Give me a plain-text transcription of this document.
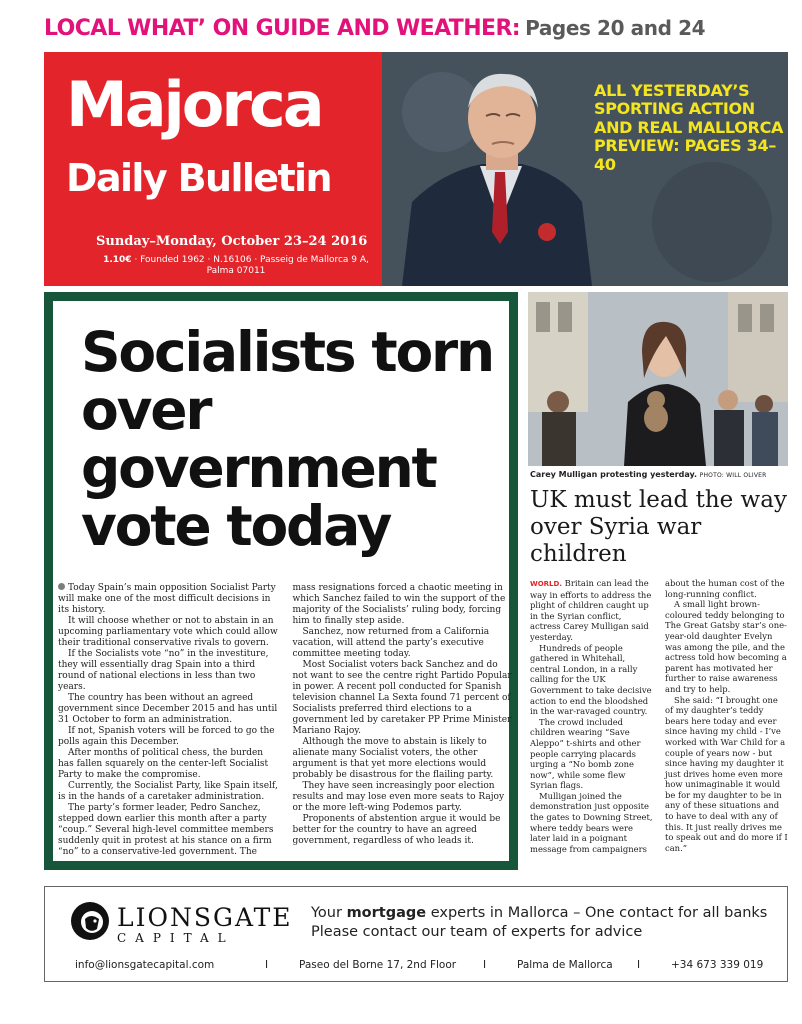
LOCAL WHAT’ ON GUIDE AND WEATHER: Pages 20 and 24
Majorca
Daily Bulletin
Sunday–Monday, October 23–24 2016
1.10€ · Founded 1962 · N.16106 · Passeig de Mallorca 9 A, Palma 07011
ALL YESTERDAY’S SPORTING ACTION AND REAL MALLORCA PREVIEW: PAGES 34–40
Socialists torn over government vote today

Today Spain’s main opposition Socialist Party will make one of the most difficult decisions in its history.

It will choose whether or not to abstain in an upcoming parliamentary vote which could allow their traditional conservative rivals to govern.

If the Socialists vote “no” in the investiture, they will essentially drag Spain into a third round of national elections in less than two years.

The country has been without an agreed government since December 2015 and has until 31 October to form an administration.

If not, Spanish voters will be forced to go the polls again this December.

After months of political chess, the burden has fallen squarely on the center-left Socialist Party to make the compromise.

Currently, the Socialist Party, like Spain itself, is in the hands of a caretaker administration.

The party’s former leader, Pedro Sanchez, stepped down earlier this month after a party “coup.” Several high-level committee members suddenly quit in protest at his stance on a firm “no” to a conservative-led government. The mass resignations forced a chaotic meeting in which Sanchez failed to win the support of the majority of the Socialists’ ruling body, forcing him to finally step aside.

Sanchez, now returned from a California vacation, will attend the party’s executive committee meeting today.

Most Socialist voters back Sanchez and do not want to see the centre right Partido Popular in power. A recent poll conducted for Spanish television channel La Sexta found 71 percent of Socialists preferred third elections to a government led by caretaker PP Prime Minister Mariano Rajoy.

Although the move to abstain is likely to alienate many Socialist voters, the other argument is that yet more elections would probably be disastrous for the flailing party.

They have seen increasingly poor election results and may lose even more seats to Rajoy or the more left-wing Podemos party.

Proponents of abstention argue it would be better for the country to have an agreed government, regardless of who leads it.

Carey Mulligan protesting yesterday. PHOTO: WILL OLIVER
UK must lead the way over Syria war children

WORLD. Britain can lead the way in efforts to address the plight of children caught up in the Syrian conflict, actress Carey Mulligan said yesterday.

Hundreds of people gathered in Whitehall, central London, in a rally calling for the UK Government to take decisive action to end the bloodshed in the war-ravaged country.

The crowd included children wearing “Save Aleppo” t-shirts and other people carrying placards urging a “No bomb zone now”, while some flew Syrian flags.

Mulligan joined the demonstration just opposite the gates to Downing Street, where teddy bears were later laid in a poignant message from campaigners about the human cost of the long-running conflict.

A small light brown-coloured teddy belonging to The Great Gatsby star’s one-year-old daughter Evelyn was among the pile, and the actress told how becoming a parent has motivated her further to raise awareness and try to help.

She said: “I brought one of my daughter’s teddy bears here today and ever since having my child - I’ve worked with War Child for a couple of years now - but since having my daughter it just drives home even more how unimaginable it would be for my daughter to be in any of these situations and to have to deal with any of this. It just really drives me to speak out and do more if I can.”

LIONSGATE
CAPITAL
Your mortgage experts in Mallorca – One contact for all banks
Please contact our team of experts for advice
info@lionsgatecapital.com	I	Paseo del Borne 17, 2nd Floor	I	Palma de Mallorca I	+34 673 339 019
